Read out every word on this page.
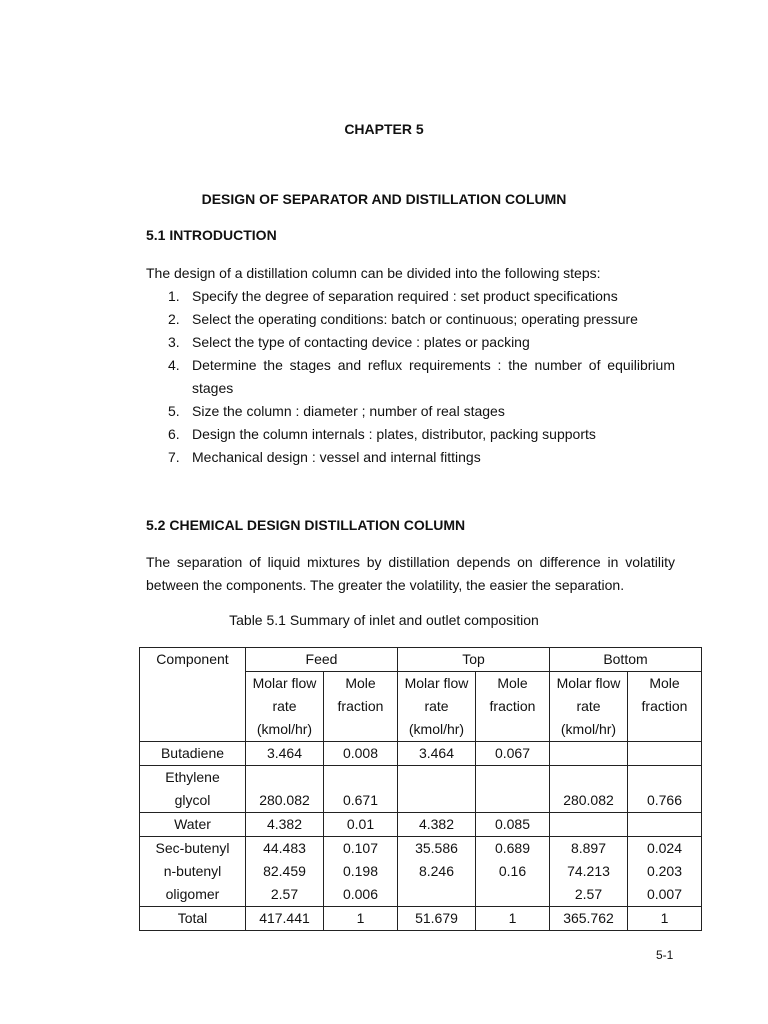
CHAPTER 5
DESIGN OF SEPARATOR AND DISTILLATION COLUMN
5.1 INTRODUCTION
The design of a distillation column can be divided into the following steps:
1. Specify the degree of separation required : set product specifications
2. Select the operating conditions: batch or continuous; operating pressure
3. Select the type of contacting device : plates or packing
4. Determine the stages and reflux requirements : the number of equilibrium stages
5. Size the column : diameter ; number of real stages
6. Design the column internals : plates, distributor, packing supports
7. Mechanical design : vessel and internal fittings
5.2 CHEMICAL DESIGN DISTILLATION COLUMN
The separation of liquid mixtures by distillation depends on difference in volatility between the components. The greater the volatility, the easier the separation.
Table 5.1 Summary of inlet and outlet composition
Component	Feed		Top		Bottom	
	Molar flow rate (kmol/hr)	Mole fraction	Molar flow rate (kmol/hr)	Mole fraction	Molar flow rate (kmol/hr)	Mole fraction
Butadiene	3.464	0.008	3.464	0.067		
Ethylene glycol	280.082	0.671			280.082	0.766
Water	4.382	0.01	4.382	0.085		
Sec-butenyl	44.483	0.107	35.586	0.689	8.897	0.024
n-butenyl	82.459	0.198	8.246	0.16	74.213	0.203
oligomer	2.57	0.006			2.57	0.007
Total	417.441	1	51.679	1	365.762	1
5-1
